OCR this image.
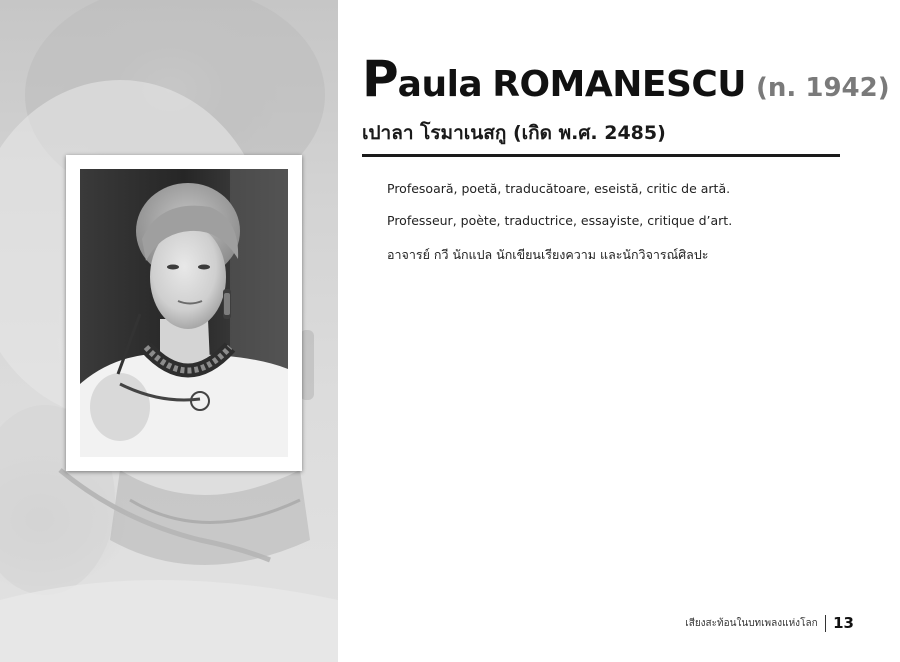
Paula ROMANESCU (n. 1942)

เปาลา โรมาเนสกู (เกิด พ.ศ. 2485)

Profesoară, poetă, traducătoare, eseistă, critic de artă.

Professeur, poète, traductrice, essayiste, critique d’art.

อาจารย์ กวี นักแปล นักเขียนเรียงความ และนักวิจารณ์ศิลปะ

เสียงสะท้อนในบทเพลงแห่งโลก 13
